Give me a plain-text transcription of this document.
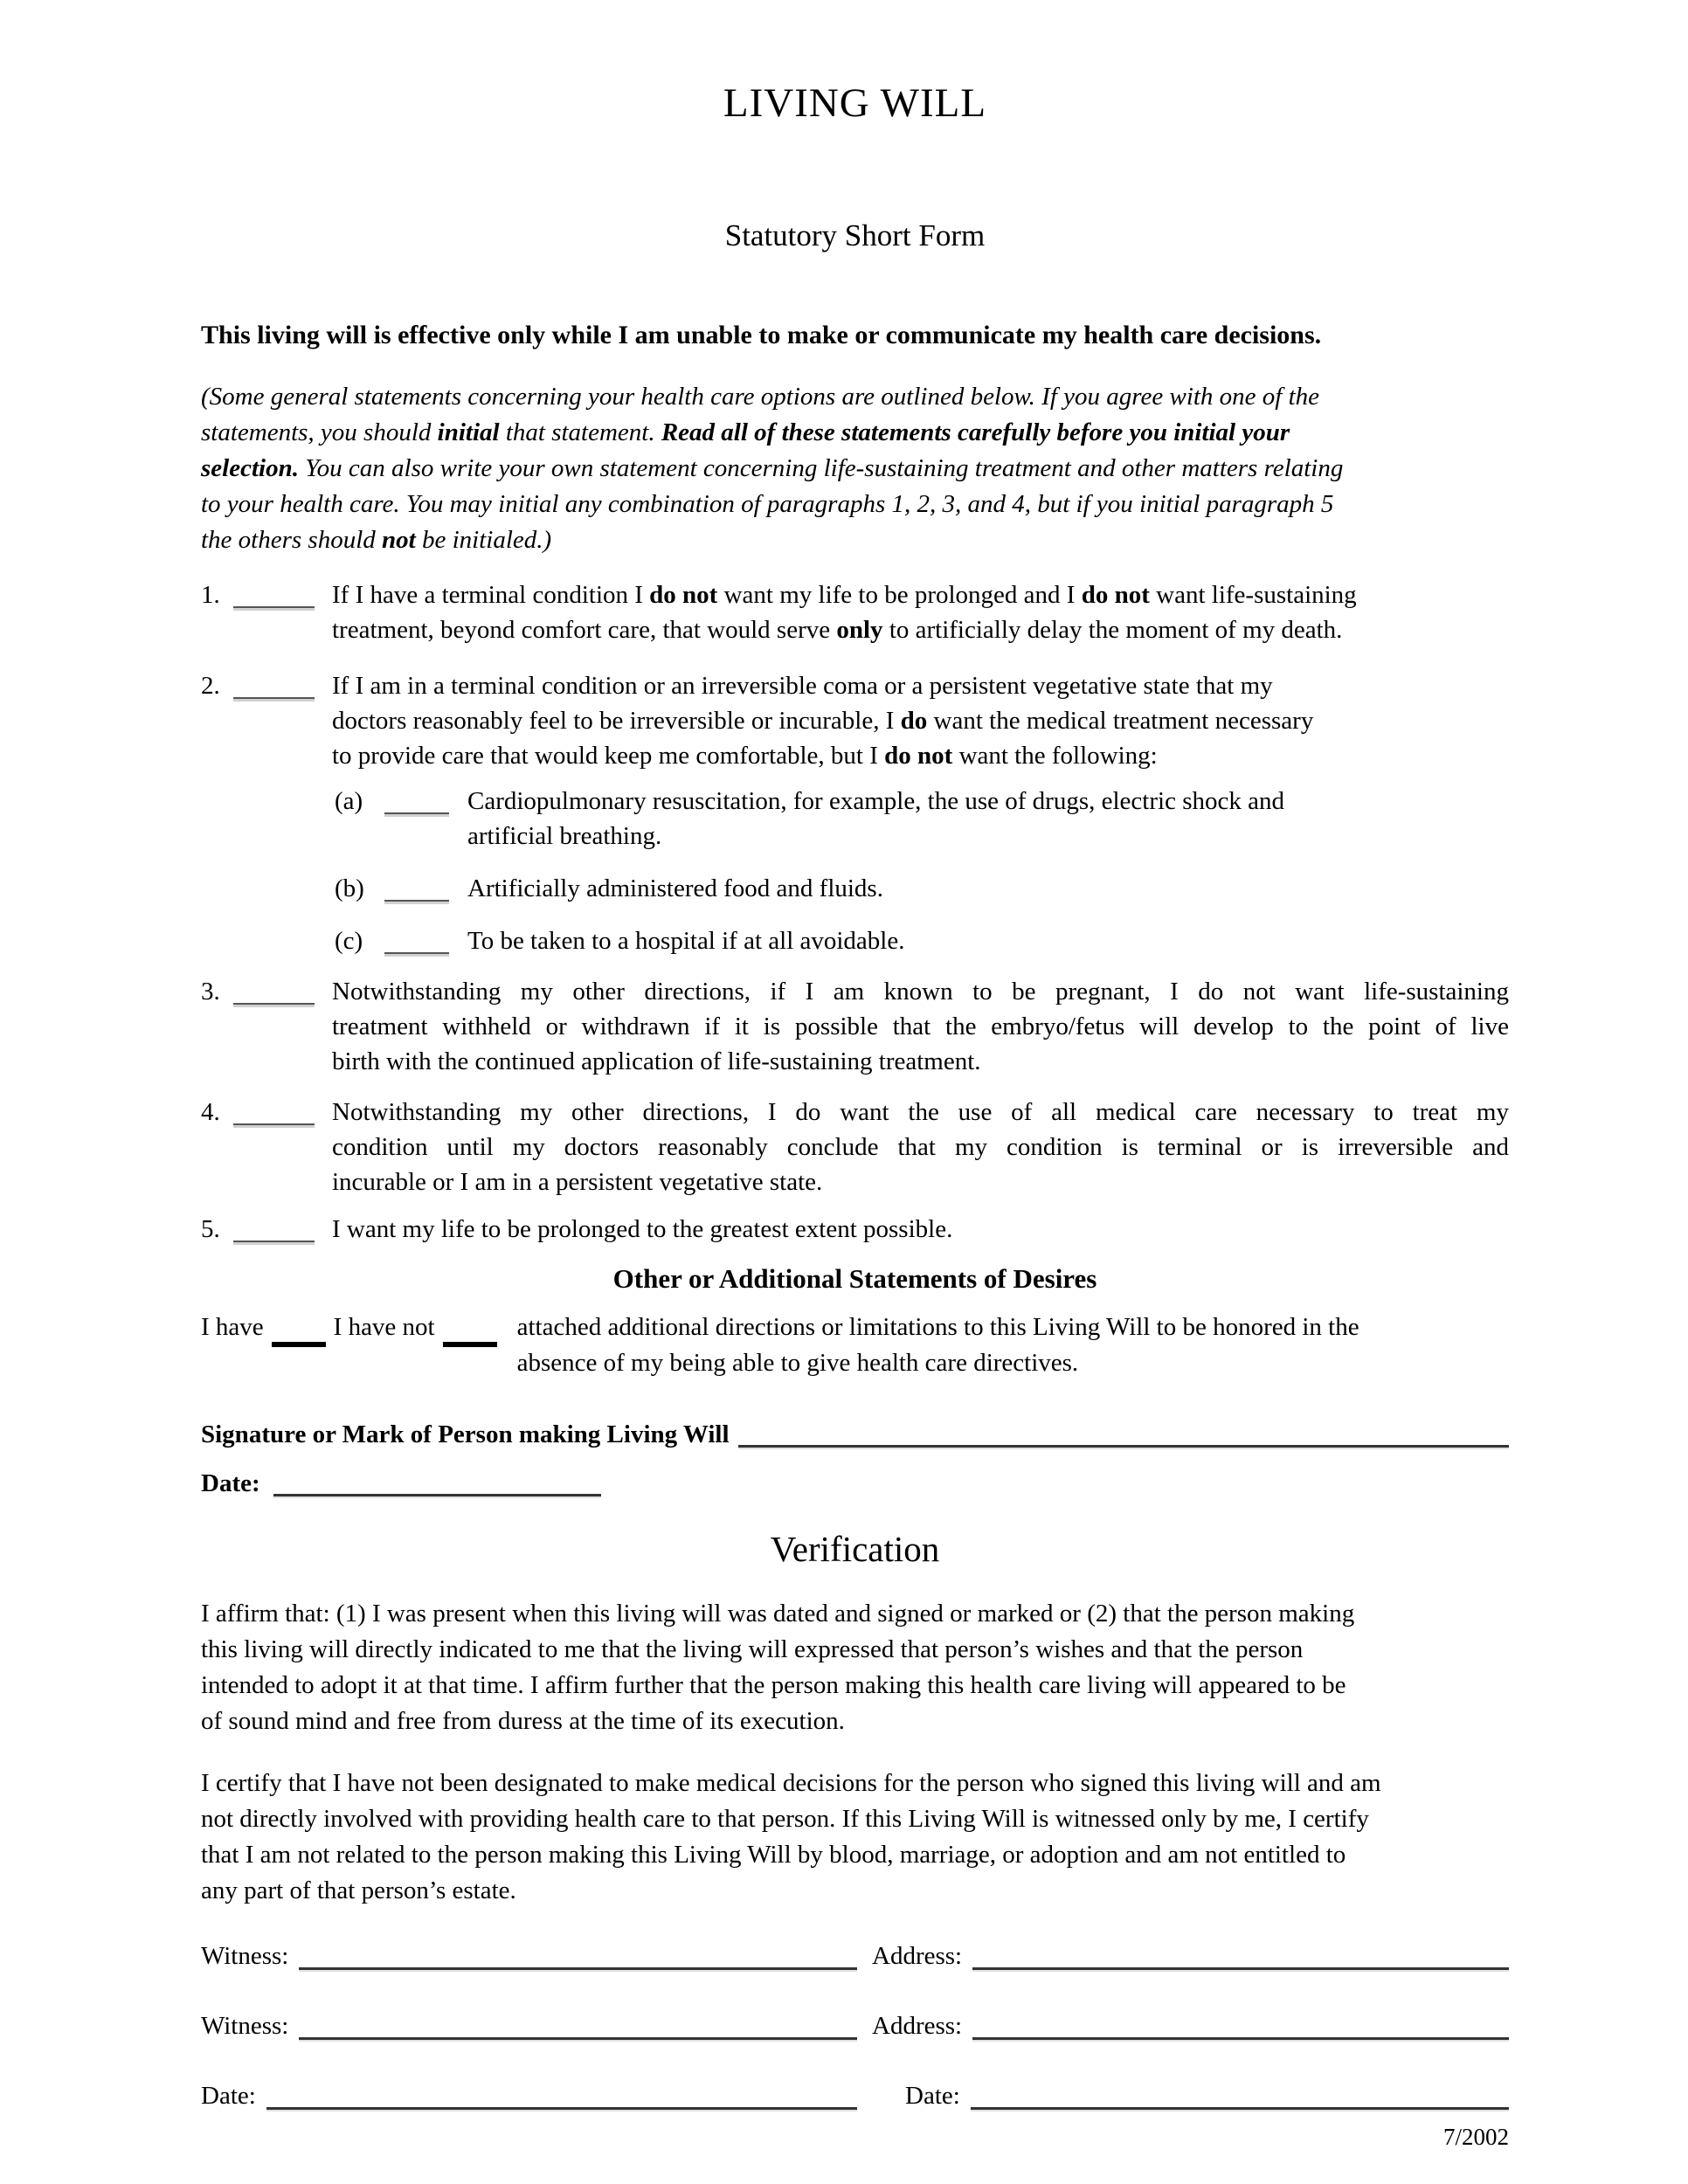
LIVING WILL
Statutory Short Form
This living will is effective only while I am unable to make or communicate my health care decisions.
(Some general statements concerning your health care options are outlined below. If you agree with one of the
statements, you should initial that statement. Read all of these statements carefully before you initial your
selection. You can also write your own statement concerning life-sustaining treatment and other matters relating
to your health care. You may initial any combination of paragraphs 1, 2, 3, and 4, but if you initial paragraph 5
the others should not be initialed.)
1.	If I have a terminal condition I do not want my life to be prolonged and I do not want life-sustaining
treatment, beyond comfort care, that would serve only to artificially delay the moment of my death.
2.	If I am in a terminal condition or an irreversible coma or a persistent vegetative state that my
doctors reasonably feel to be irreversible or incurable, I do want the medical treatment necessary
to provide care that would keep me comfortable, but I do not want the following:
(a)	Cardiopulmonary resuscitation, for example, the use of drugs, electric shock and
artificial breathing.
(b)	Artificially administered food and fluids.
(c)	To be taken to a hospital if at all avoidable.
3.	Notwithstanding my other directions, if I am known to be pregnant, I do not want life-sustaining
treatment withheld or withdrawn if it is possible that the embryo/fetus will develop to the point of live
birth with the continued application of life-sustaining treatment.
4.	Notwithstanding my other directions, I do want the use of all medical care necessary to treat my
condition until my doctors reasonably conclude that my condition is terminal or is irreversible and
incurable or I am in a persistent vegetative state.
5.	I want my life to be prolonged to the greatest extent possible.
Other or Additional Statements of Desires
I have	I have not	attached additional directions or limitations to this Living Will to be honored in the
absence of my being able to give health care directives.
Signature or Mark of Person making Living Will
Date:
Verification
I affirm that: (1) I was present when this living will was dated and signed or marked or (2) that the person making
this living will directly indicated to me that the living will expressed that person’s wishes and that the person
intended to adopt it at that time. I affirm further that the person making this health care living will appeared to be
of sound mind and free from duress at the time of its execution.
I certify that I have not been designated to make medical decisions for the person who signed this living will and am
not directly involved with providing health care to that person. If this Living Will is witnessed only by me, I certify
that I am not related to the person making this Living Will by blood, marriage, or adoption and am not entitled to
any part of that person’s estate.
Witness:	Address:
Witness:	Address:
Date:	Date:
7/2002
